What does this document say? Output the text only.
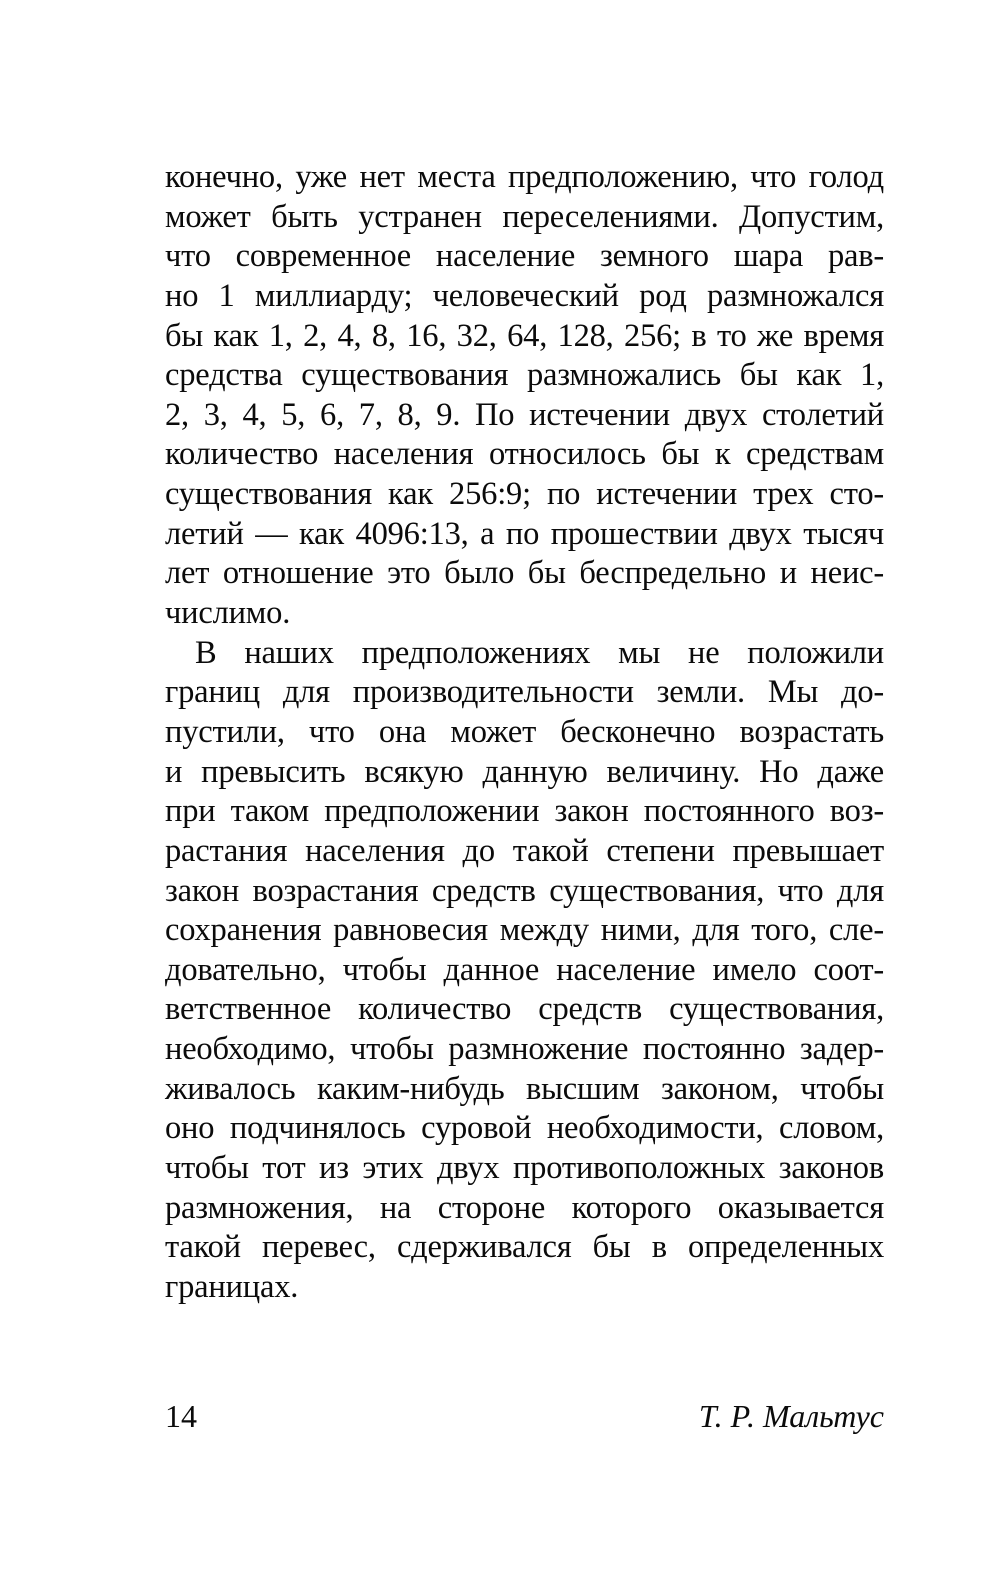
конечно, уже нет места предположению, что голод
может быть устранен переселениями. Допустим,
что современное население земного шара рав-
но 1 миллиарду; человеческий род размножался
бы как 1, 2, 4, 8, 16, 32, 64, 128, 256; в то же время
средства существования размножались бы как 1,
2, 3, 4, 5, 6, 7, 8, 9. По истечении двух столетий
количество населения относилось бы к средствам
существования как 256:9; по истечении трех сто-
летий — как 4096:13, а по прошествии двух тысяч
лет отношение это было бы беспредельно и неис-
числимо.
В наших предположениях мы не положили
границ для производительности земли. Мы до-
пустили, что она может бесконечно возрастать
и превысить всякую данную величину. Но даже
при таком предположении закон постоянного воз-
растания населения до такой степени превышает
закон возрастания средств существования, что для
сохранения равновесия между ними, для того, сле-
довательно, чтобы данное население имело соот-
ветственное количество средств существования,
необходимо, чтобы размножение постоянно задер-
живалось каким-нибудь высшим законом, чтобы
оно подчинялось суровой необходимости, словом,
чтобы тот из этих двух противоположных законов
размножения, на стороне которого оказывается
такой перевес, сдерживался бы в определенных
границах.
14	Т. Р. Мальтус
